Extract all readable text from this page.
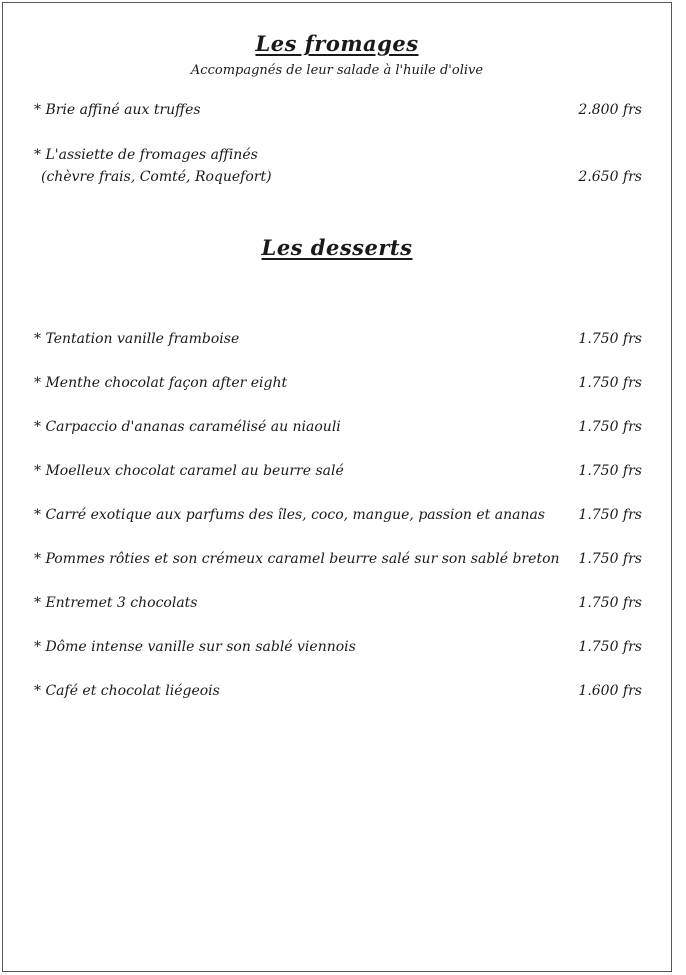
Les fromages
Accompagnés de leur salade à l'huile d'olive
* Brie affiné aux truffes	2.800 frs
* L'assiette de fromages affinés
(chèvre frais, Comté, Roquefort)	2.650 frs
Les desserts
* Tentation vanille framboise	1.750 frs
* Menthe chocolat façon after eight	1.750 frs
* Carpaccio d'ananas caramélisé au niaouli	1.750 frs
* Moelleux chocolat caramel au beurre salé	1.750 frs
* Carré exotique aux parfums des îles, coco, mangue, passion et ananas 1.750 frs
* Pommes rôties et son crémeux caramel beurre salé sur son sablé breton 1.750 frs
* Entremet 3 chocolats	1.750 frs
* Dôme intense vanille sur son sablé viennois	1.750 frs
* Café et chocolat liégeois	1.600 frs
